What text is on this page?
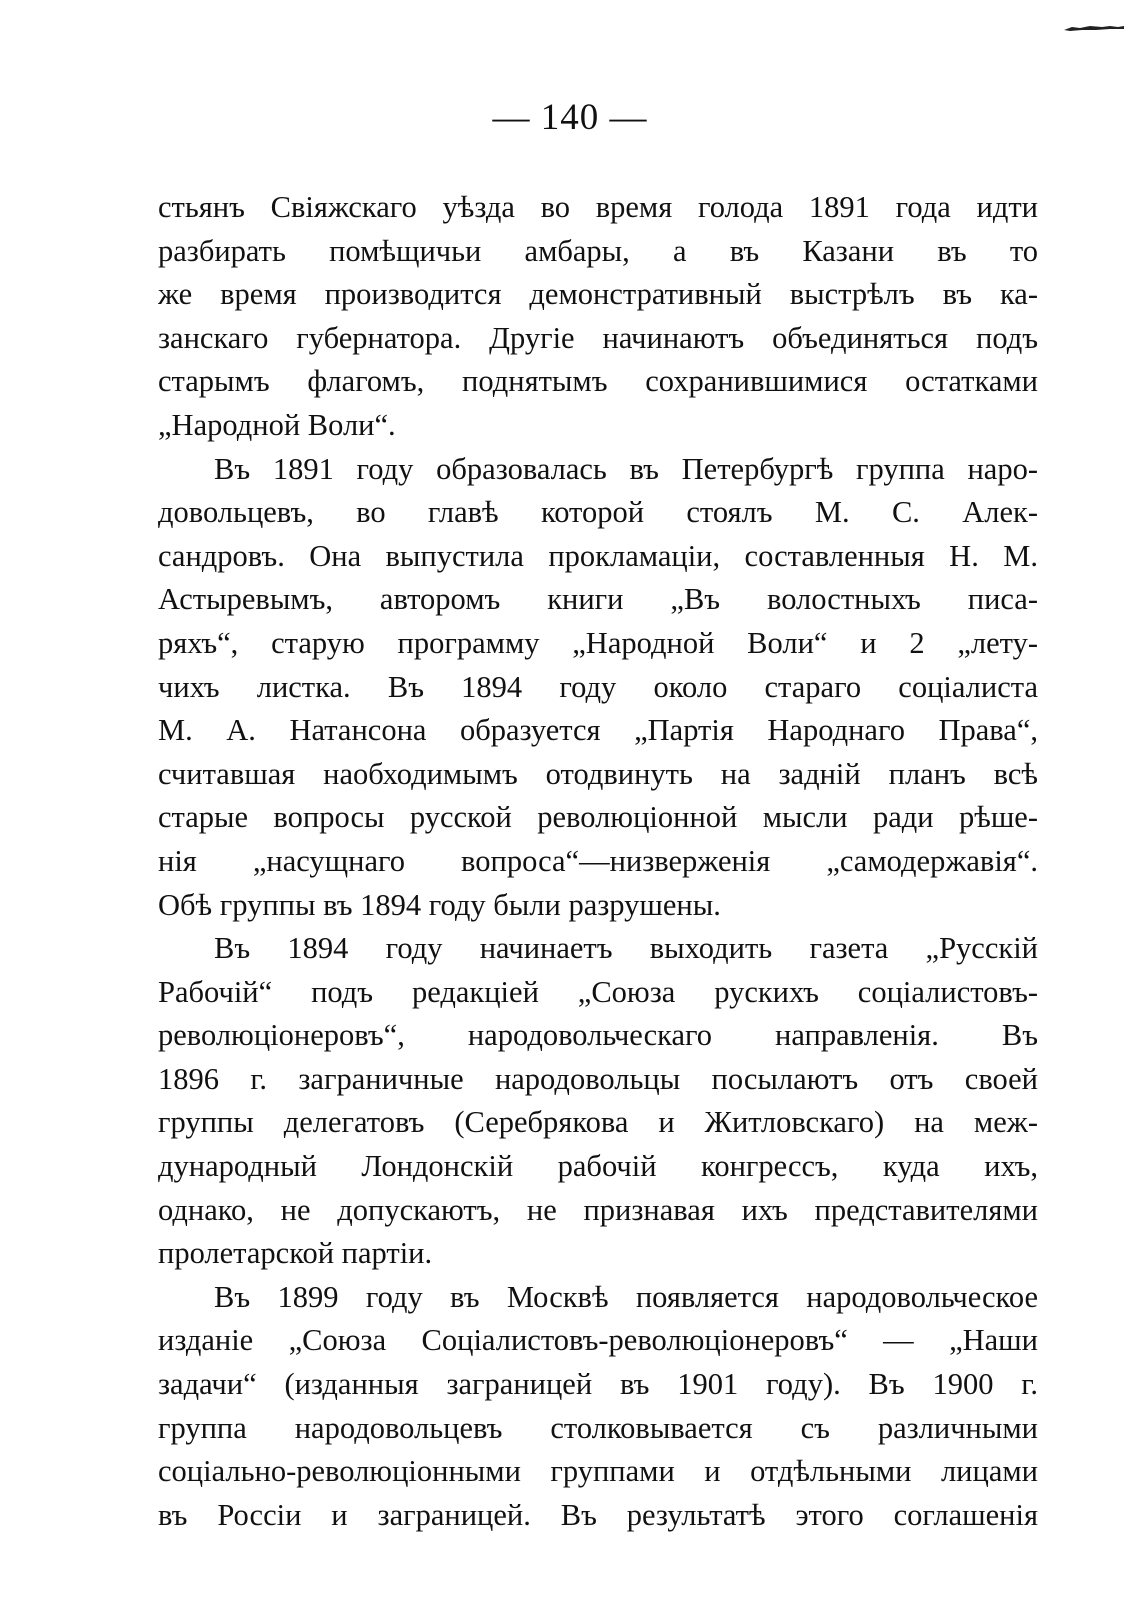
— 140 —
стьянъ Свіяжскаго уѣзда во время голода 1891 года идти
разбирать помѣщичьи амбары, а въ Казани въ то
же время производится демонстративный выстрѣлъ въ ка-
занскаго губернатора. Другіе начинаютъ объединяться подъ
старымъ флагомъ, поднятымъ сохранившимися остатками
„Народной Воли“.
Въ 1891 году образовалась въ Петербургѣ группа наро-
довольцевъ, во главѣ которой стоялъ М. С. Алек-
сандровъ. Она выпустила прокламаціи, составленныя Н. М.
Астыревымъ, авторомъ книги „Въ волостныхъ писа-
ряхъ“, старую программу „Народной Воли“ и 2 „лету-
чихъ листка. Въ 1894 году около стараго соціалиста
М. А. Натансона образуется „Партія Народнаго Права“,
считавшая наобходимымъ отодвинуть на задній планъ всѣ
старые вопросы русской революціонной мысли ради рѣше-
нія „насущнаго вопроса“—низверженія „самодержавія“.
Обѣ группы въ 1894 году были разрушены.
Въ 1894 году начинаетъ выходить газета „Русскій
Рабочій“ подъ редакціей „Союза рускихъ соціалистовъ-
революціонеровъ“, народовольческаго направленія. Въ
1896 г. заграничные народовольцы посылаютъ отъ своей
группы делегатовъ (Серебрякова и Житловскаго) на меж-
дународный Лондонскій рабочій конгрессъ, куда ихъ,
однако, не допускаютъ, не признавая ихъ представителями
пролетарской партіи.
Въ 1899 году въ Москвѣ появляется народовольческое
изданіе „Союза Соціалистовъ-революціонеровъ“ — „Наши
задачи“ (изданныя заграницей въ 1901 году). Въ 1900 г.
группа народовольцевъ столковывается съ различными
соціально-революціонными группами и отдѣльными лицами
въ Россіи и заграницей. Въ результатѣ этого соглашенія
